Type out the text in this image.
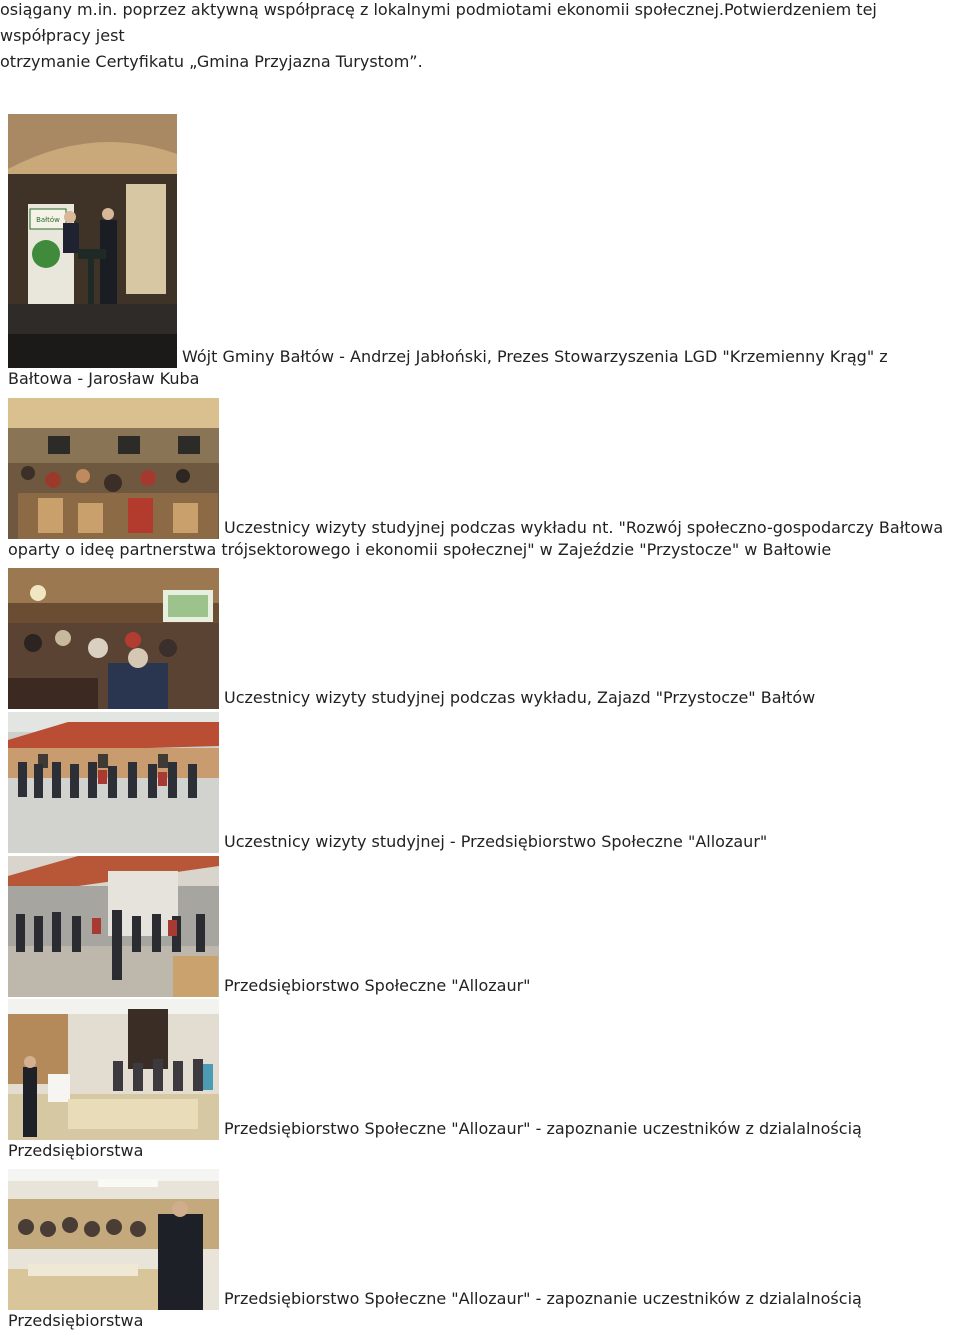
osiągany m.in. poprzez aktywną współpracę z lokalnymi podmiotami ekonomii społecznej.Potwierdzeniem tej współpracy jest
otrzymanie Certyfikatu „Gmina Przyjazna Turystom”.
Bałtów
Wójt Gminy Bałtów - Andrzej Jabłoński, Prezes Stowarzyszenia LGD "Krzemienny Krąg" z Bałtowa - Jarosław Kuba
Uczestnicy wizyty studyjnej podczas wykładu nt. "Rozwój społeczno-gospodarczy Bałtowa oparty o ideę partnerstwa trójsektorowego i ekonomii społecznej" w Zajeździe "Przystocze" w Bałtowie
Uczestnicy wizyty studyjnej podczas wykładu, Zajazd "Przystocze" Bałtów
Uczestnicy wizyty studyjnej - Przedsiębiorstwo Społeczne "Allozaur"
Przedsiębiorstwo Społeczne "Allozaur"
Przedsiębiorstwo Społeczne "Allozaur" - zapoznanie uczestników z dzialalnością Przedsiębiorstwa
Przedsiębiorstwo Społeczne "Allozaur" - zapoznanie uczestników z dzialalnością Przedsiębiorstwa
